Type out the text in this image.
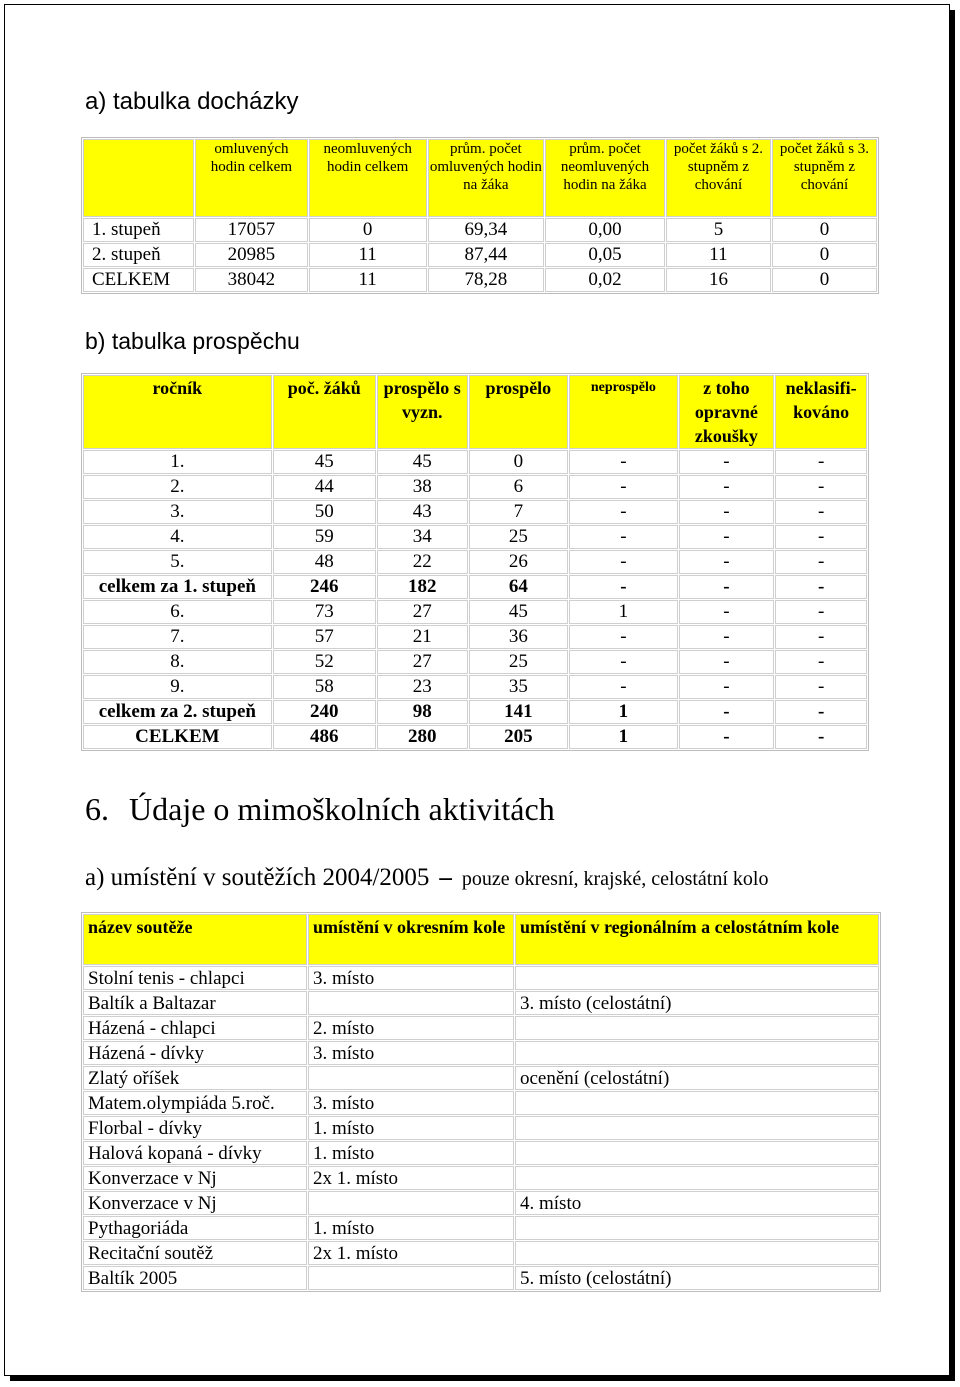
a) tabulka docházky
	omluvených hodin celkem	neomluvených hodin celkem	prům. počet omluvených hodin na žáka	prům. počet neomluvených hodin na žáka	počet žáků s 2. stupněm z chování	počet žáků s 3. stupněm z chování
1. stupeň	17057	0	69,34	0,00	5	0
2. stupeň	20985	11	87,44	0,05	11	0
CELKEM	38042	11	78,28	0,02	16	0
b) tabulka prospěchu
ročník	poč. žáků	prospělo s vyzn.	prospělo	neprospělo	z toho opravné zkoušky	neklasifi-kováno
1.	45	45	0	-	-	-
2.	44	38	6	-	-	-
3.	50	43	7	-	-	-
4.	59	34	25	-	-	-
5.	48	22	26	-	-	-
celkem za 1. stupeň	246	182	64	-	-	-
6.	73	27	45	1	-	-
7.	57	21	36	-	-	-
8.	52	27	25	-	-	-
9.	58	23	35	-	-	-
celkem za 2. stupeň	240	98	141	1	-	-
CELKEM	486	280	205	1	-	-
6. Údaje o mimoškolních aktivitách
a) umístění v soutěžích 2004/2005 – pouze okresní, krajské, celostátní kolo
název soutěže	umístění v okresním kole	umístění v regionálním a celostátním kole
Stolní tenis - chlapci	3. místo	
Baltík a Baltazar		3. místo (celostátní)
Házená - chlapci	2. místo	
Házená - dívky	3. místo	
Zlatý oříšek		ocenění (celostátní)
Matem.olympiáda 5.roč.	3. místo	
Florbal - dívky	1. místo	
Halová kopaná - dívky	1. místo	
Konverzace v Nj	2x 1. místo	
Konverzace v Nj		4. místo
Pythagoriáda	1. místo	
Recitační soutěž	2x 1. místo	
Baltík 2005		5. místo (celostátní)
